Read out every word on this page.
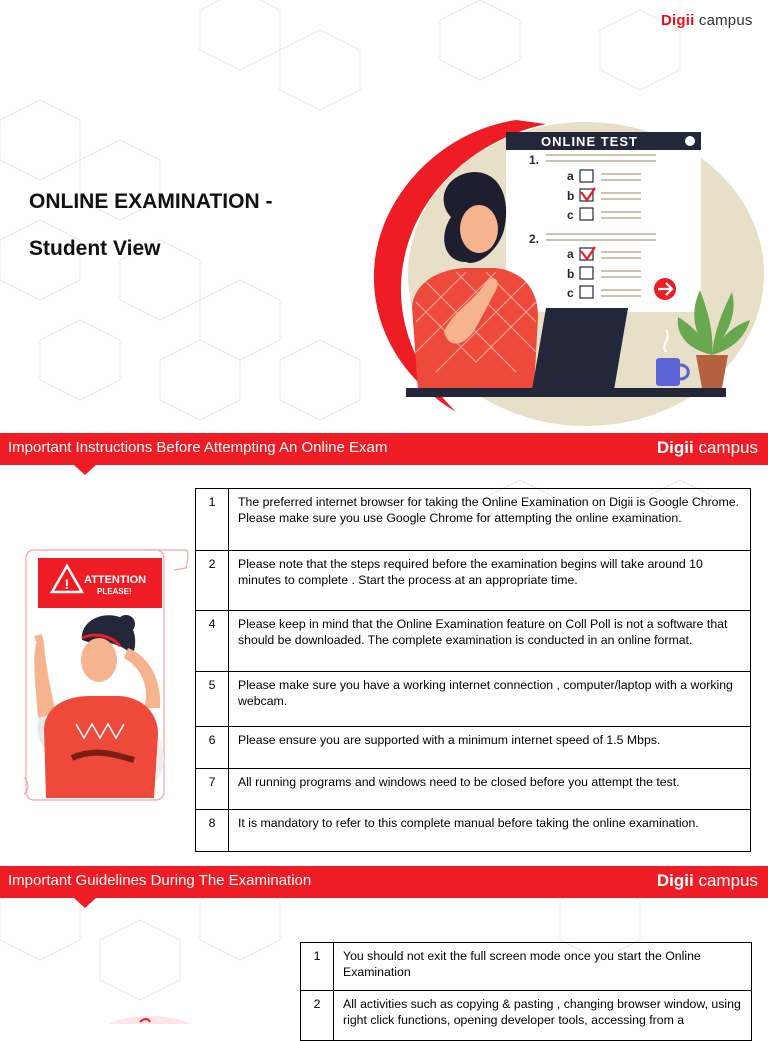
Digii campus
ONLINE EXAMINATION -
Student View
ONLINE TEST
1.
2.
a
b
c
a
b
c
Important Instructions Before Attempting An Online Exam	Digii campus
! ATTENTION
PLEASE!
1	The preferred internet browser for taking the Online Examination on Digii is Google Chrome. Please make sure you use Google Chrome for attempting the online examination.
2	Please note that the steps required before the examination begins will take around 10 minutes to complete . Start the process at an appropriate time.
4	Please keep in mind that the Online Examination feature on Coll Poll is not a software that should be downloaded. The complete examination is conducted in an online format.
5	Please make sure you have a working internet connection , computer/laptop with a working webcam.
6	Please ensure you are supported with a minimum internet speed of 1.5 Mbps.
7	All running programs and windows need to be closed before you attempt the test.
8	It is mandatory to refer to this complete manual before taking the online examination.
Important Guidelines During The Examination	Digii campus
1	You should not exit the full screen mode once you start the Online Examination
2	All activities such as copying & pasting , changing browser window, using right click functions, opening developer tools, accessing from a
